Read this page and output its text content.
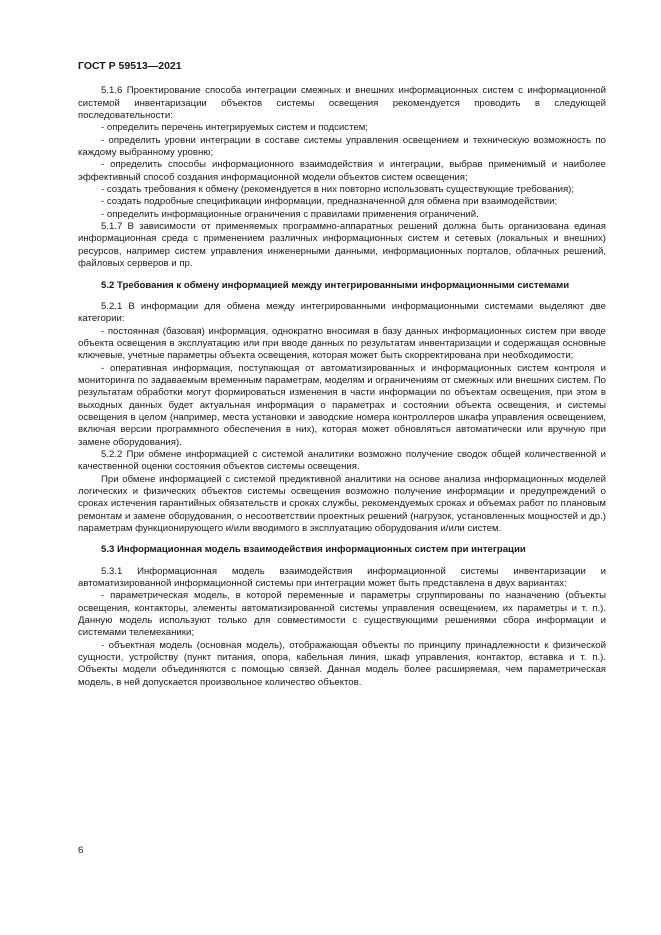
ГОСТ Р 59513—2021

5.1.6 Проектирование способа интеграции смежных и внешних информационных систем с информационной системой инвентаризации объектов системы освещения рекомендуется проводить в следующей последовательности:

- определить перечень интегрируемых систем и подсистем;

- определить уровни интеграции в составе системы управления освещением и техническую возможность по каждому выбранному уровню;

- определить способы информационного взаимодействия и интеграции, выбрав применимый и наиболее эффективный способ создания информационной модели объектов систем освещения;

- создать требования к обмену (рекомендуется в них повторно использовать существующие требования);

- создать подробные спецификации информации, предназначенной для обмена при взаимодействии;

- определить информационные ограничения с правилами применения ограничений.

5.1.7 В зависимости от применяемых программно-аппаратных решений должна быть организована единая информационная среда с применением различных информационных систем и сетевых (локальных и внешних) ресурсов, например систем управления инженерными данными, информационных порталов, облачных решений, файловых серверов и пр.

5.2 Требования к обмену информацией между интегрированными информационными системами

5.2.1 В информации для обмена между интегрированными информационными системами выделяют две категории:

- постоянная (базовая) информация, однократно вносимая в базу данных информационных систем при вводе объекта освещения в эксплуатацию или при вводе данных по результатам инвентаризации и содержащая основные ключевые, учетные параметры объекта освещения, которая может быть скорректирована при необходимости;

- оперативная информация, поступающая от автоматизированных и информационных систем контроля и мониторинга по задаваемым временным параметрам, моделям и ограничениям от смежных или внешних систем. По результатам обработки могут формироваться изменения в части информации по объектам освещения, при этом в выходных данных будет актуальная информация о параметрах и состоянии объекта освещения, и системы освещения в целом (например, места установки и заводские номера контроллеров шкафа управления освещением, включая версии программного обеспечения в них), которая может обновляться автоматически или вручную при замене оборудования).

5.2.2 При обмене информацией с системой аналитики возможно получение сводок общей количественной и качественной оценки состояния объектов системы освещения.

При обмене информацией с системой предиктивной аналитики на основе анализа информационных моделей логических и физических объектов системы освещения возможно получение информации и предупреждений о сроках истечения гарантийных обязательств и сроках службы, рекомендуемых сроках и объемах работ по плановым ремонтам и замене оборудования, о несоответствии проектных решений (нагрузок, установленных мощностей и др.) параметрам функционирующего и/или вводимого в эксплуатацию оборудования и/или систем.

5.3 Информационная модель взаимодействия информационных систем при интеграции

5.3.1 Информационная модель взаимодействия информационной системы инвентаризации и автоматизированной информационной системы при интеграции может быть представлена в двух вариантах:

- параметрическая модель, в которой переменные и параметры сгруппированы по назначению (объекты освещения, контакторы, элементы автоматизированной системы управления освещением, их параметры и т. п.). Данную модель используют только для совместимости с существующими решениями сбора информации и системами телемеханики;

- объектная модель (основная модель), отображающая объекты по принципу принадлежности к физической сущности, устройству (пункт питания, опора, кабельная линия, шкаф управления, контактор, вставка и т. п.). Объекты модели объединяются с помощью связей. Данная модель более расширяемая, чем параметрическая модель, в ней допускается произвольное количество объектов.

6
